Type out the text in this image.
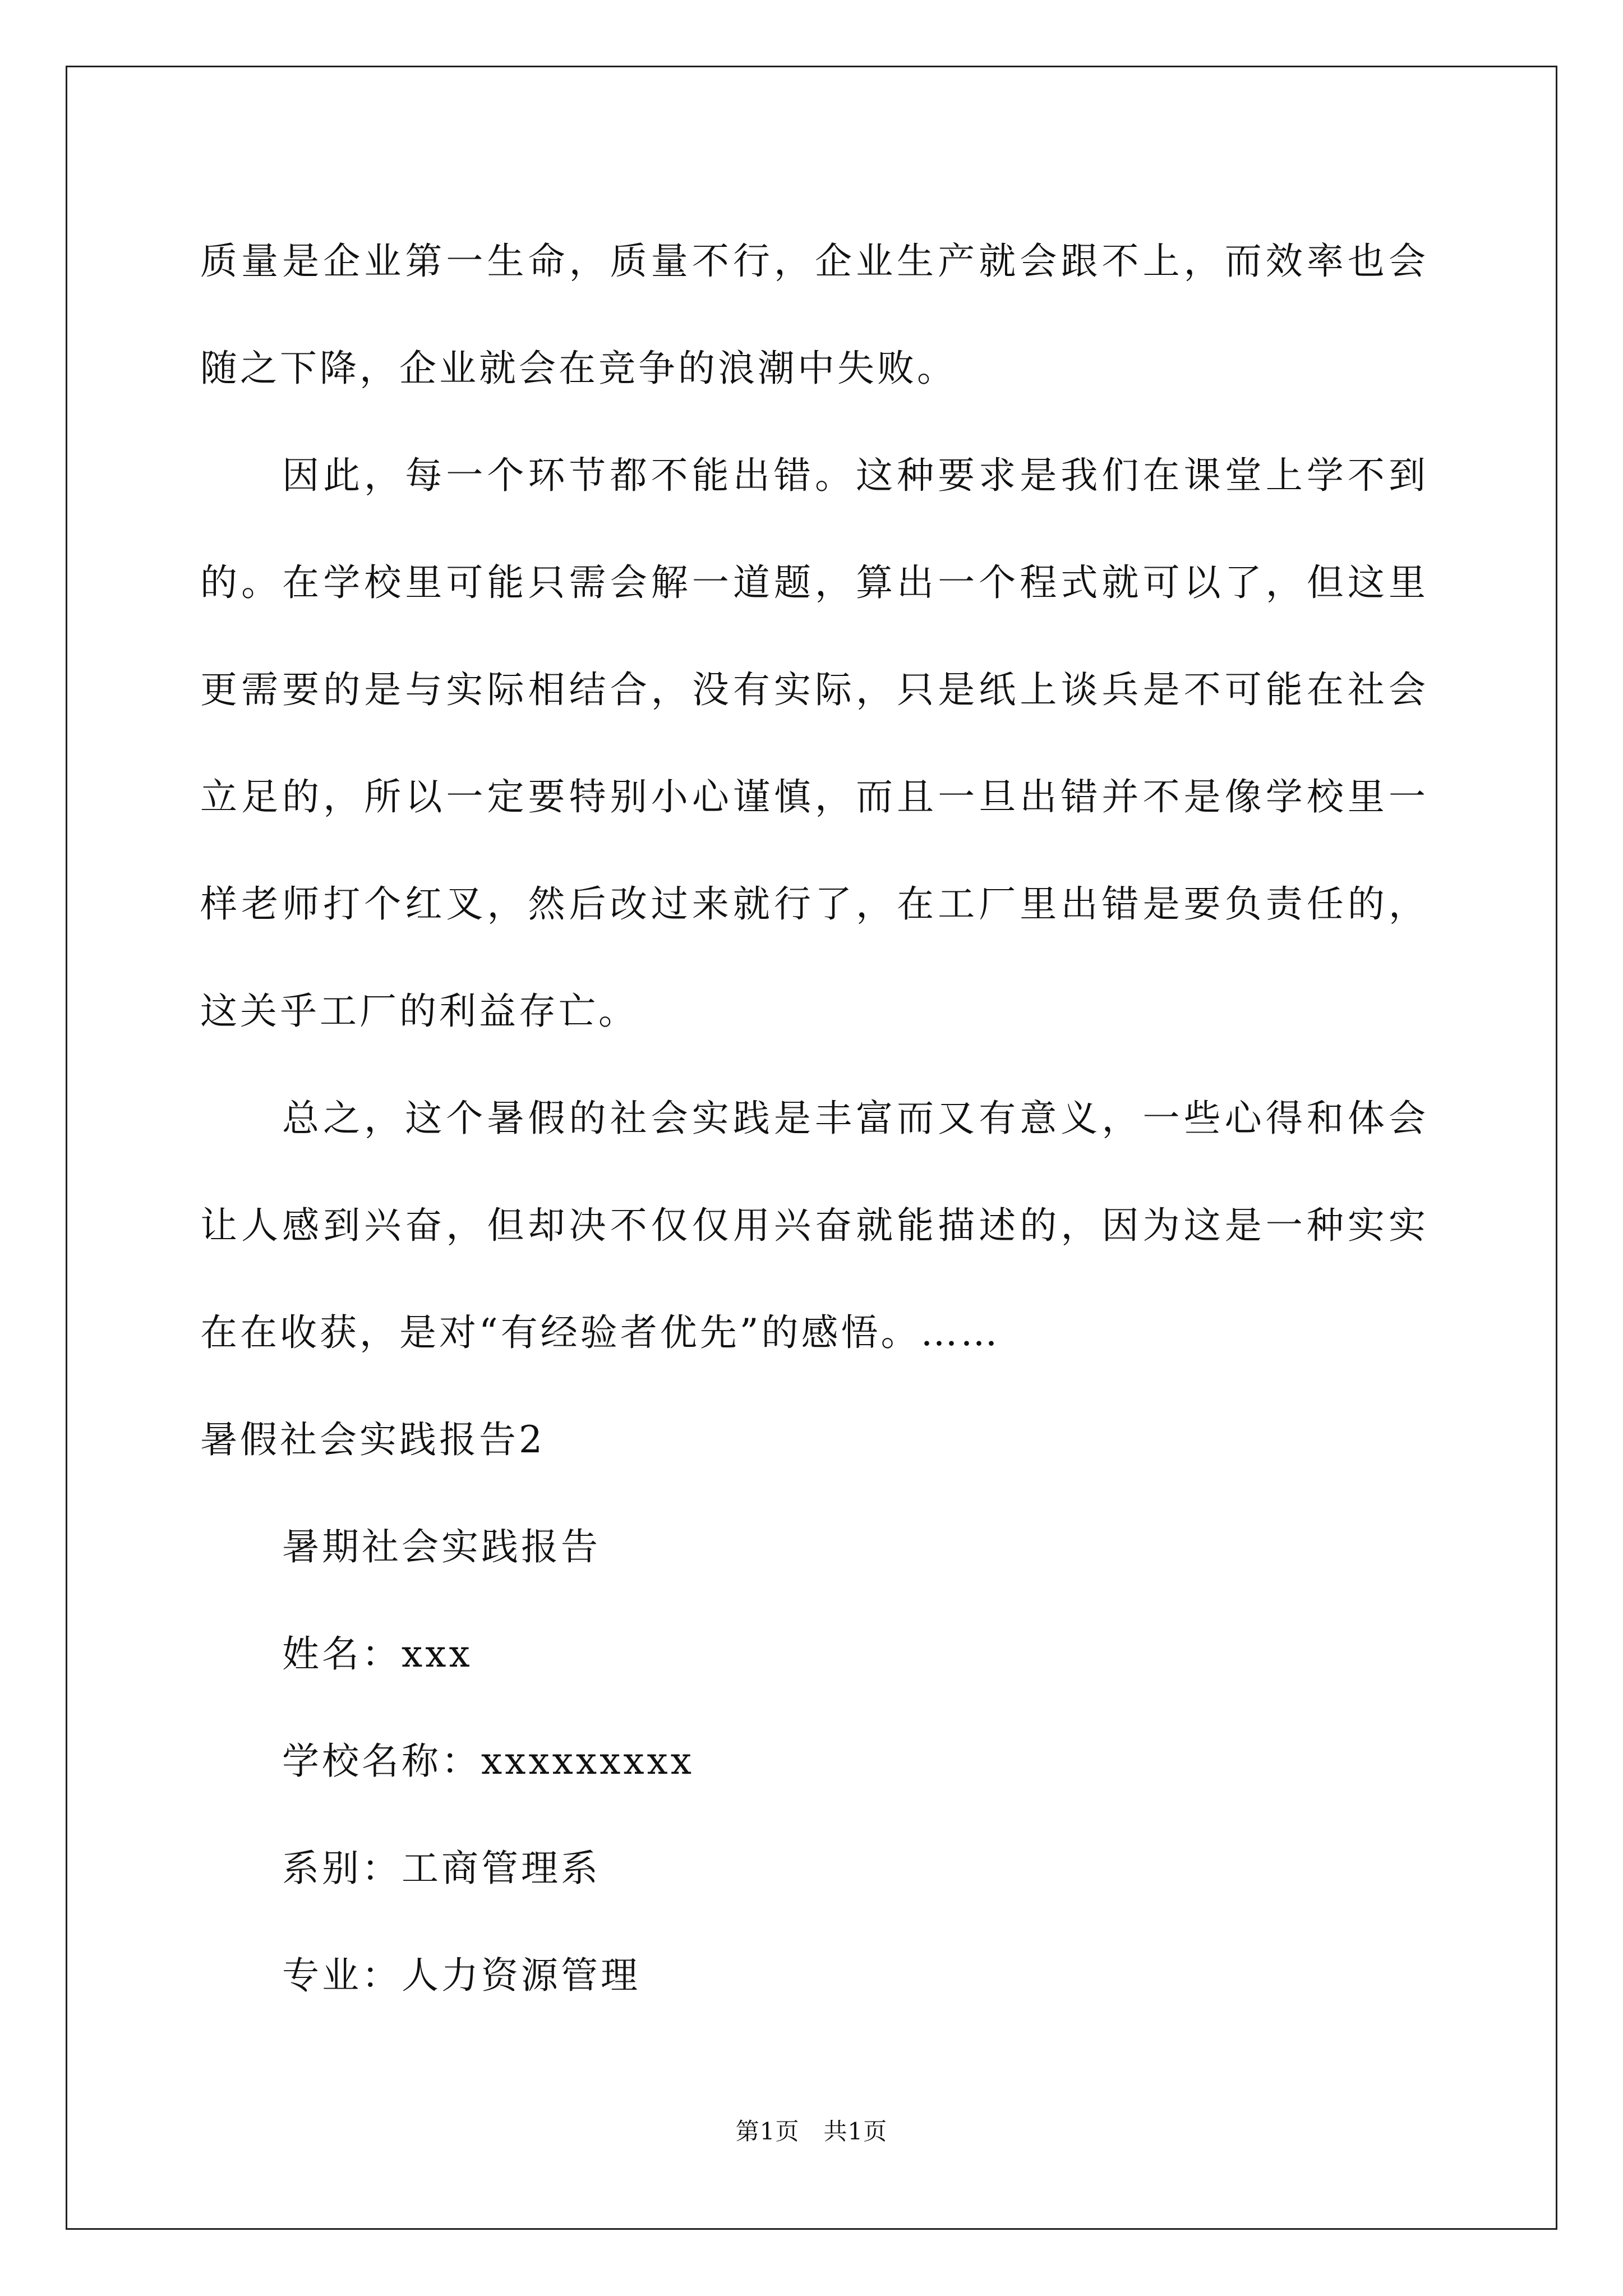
质量是企业第一生命，质量不行，企业生产就会跟不上，而效率也会随之下降，企业就会在竞争的浪潮中失败。

因此，每一个环节都不能出错。这种要求是我们在课堂上学不到的。在学校里可能只需会解一道题，算出一个程式就可以了，但这里更需要的是与实际相结合，没有实际，只是纸上谈兵是不可能在社会立足的，所以一定要特别小心谨慎，而且一旦出错并不是像学校里一样老师打个红叉，然后改过来就行了，在工厂里出错是要负责任的，这关乎工厂的利益存亡。

总之，这个暑假的社会实践是丰富而又有意义，一些心得和体会让人感到兴奋，但却决不仅仅用兴奋就能描述的，因为这是一种实实在在收获，是对“有经验者优先”的感悟。……

暑假社会实践报告2

暑期社会实践报告

姓名：xxx

学校名称：xxxxxxxxx

系别：工商管理系

专业：人力资源管理

第1页   共1页
